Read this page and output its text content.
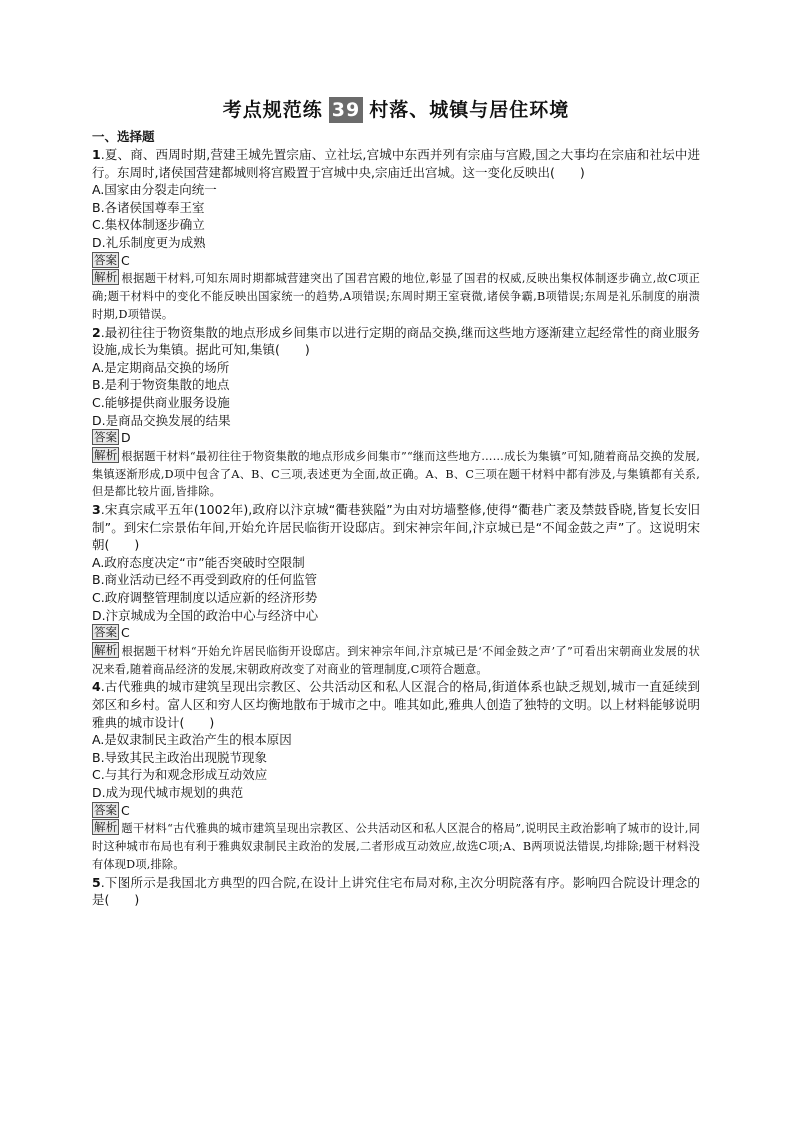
考点规范练 39 村落、城镇与居住环境
一、选择题
1.夏、商、西周时期,营建王城先置宗庙、立社坛,宫城中东西并列有宗庙与宫殿,国之大事均在宗庙和社坛中进行。东周时,诸侯国营建都城则将宫殿置于宫城中央,宗庙迁出宫城。这一变化反映出(　　)
A.国家由分裂走向统一
B.各诸侯国尊奉王室
C.集权体制逐步确立
D.礼乐制度更为成熟
答案 C
解析 根据题干材料,可知东周时期都城营建突出了国君宫殿的地位,彰显了国君的权威,反映出集权体制逐步确立,故C项正确;题干材料中的变化不能反映出国家统一的趋势,A项错误;东周时期王室衰微,诸侯争霸,B项错误;东周是礼乐制度的崩溃时期,D项错误。
2.最初往往于物资集散的地点形成乡间集市以进行定期的商品交换,继而这些地方逐渐建立起经常性的商业服务设施,成长为集镇。据此可知,集镇(　　)
A.是定期商品交换的场所
B.是利于物资集散的地点
C.能够提供商业服务设施
D.是商品交换发展的结果
答案 D
解析 根据题干材料“最初往往于物资集散的地点形成乡间集市”“继而这些地方……成长为集镇”可知,随着商品交换的发展,集镇逐渐形成,D项中包含了A、B、C三项,表述更为全面,故正确。A、B、C三项在题干材料中都有涉及,与集镇都有关系,但是都比较片面,皆排除。
3.宋真宗咸平五年(1002年),政府以汴京城“衢巷狭隘”为由对坊墙整修,使得“衢巷广袤及禁鼓昏晓,皆复长安旧制”。到宋仁宗景佑年间,开始允许居民临街开设邸店。到宋神宗年间,汴京城已是“不闻金鼓之声”了。这说明宋朝(　　)
A.政府态度决定“市”能否突破时空限制
B.商业活动已经不再受到政府的任何监管
C.政府调整管理制度以适应新的经济形势
D.汴京城成为全国的政治中心与经济中心
答案 C
解析 根据题干材料“开始允许居民临街开设邸店。到宋神宗年间,汴京城已是‘不闻金鼓之声’了”可看出宋朝商业发展的状况来看,随着商品经济的发展,宋朝政府改变了对商业的管理制度,C项符合题意。
4.古代雅典的城市建筑呈现出宗教区、公共活动区和私人区混合的格局,街道体系也缺乏规划,城市一直延续到郊区和乡村。富人区和穷人区均衡地散布于城市之中。唯其如此,雅典人创造了独特的文明。以上材料能够说明雅典的城市设计(　　)
A.是奴隶制民主政治产生的根本原因
B.导致其民主政治出现脱节现象
C.与其行为和观念形成互动效应
D.成为现代城市规划的典范
答案 C
解析 题干材料“古代雅典的城市建筑呈现出宗教区、公共活动区和私人区混合的格局”,说明民主政治影响了城市的设计,同时这种城市布局也有利于雅典奴隶制民主政治的发展,二者形成互动效应,故选C项;A、B两项说法错误,均排除;题干材料没有体现D项,排除。
5.下图所示是我国北方典型的四合院,在设计上讲究住宅布局对称,主次分明院落有序。影响四合院设计理念的是(　　)
